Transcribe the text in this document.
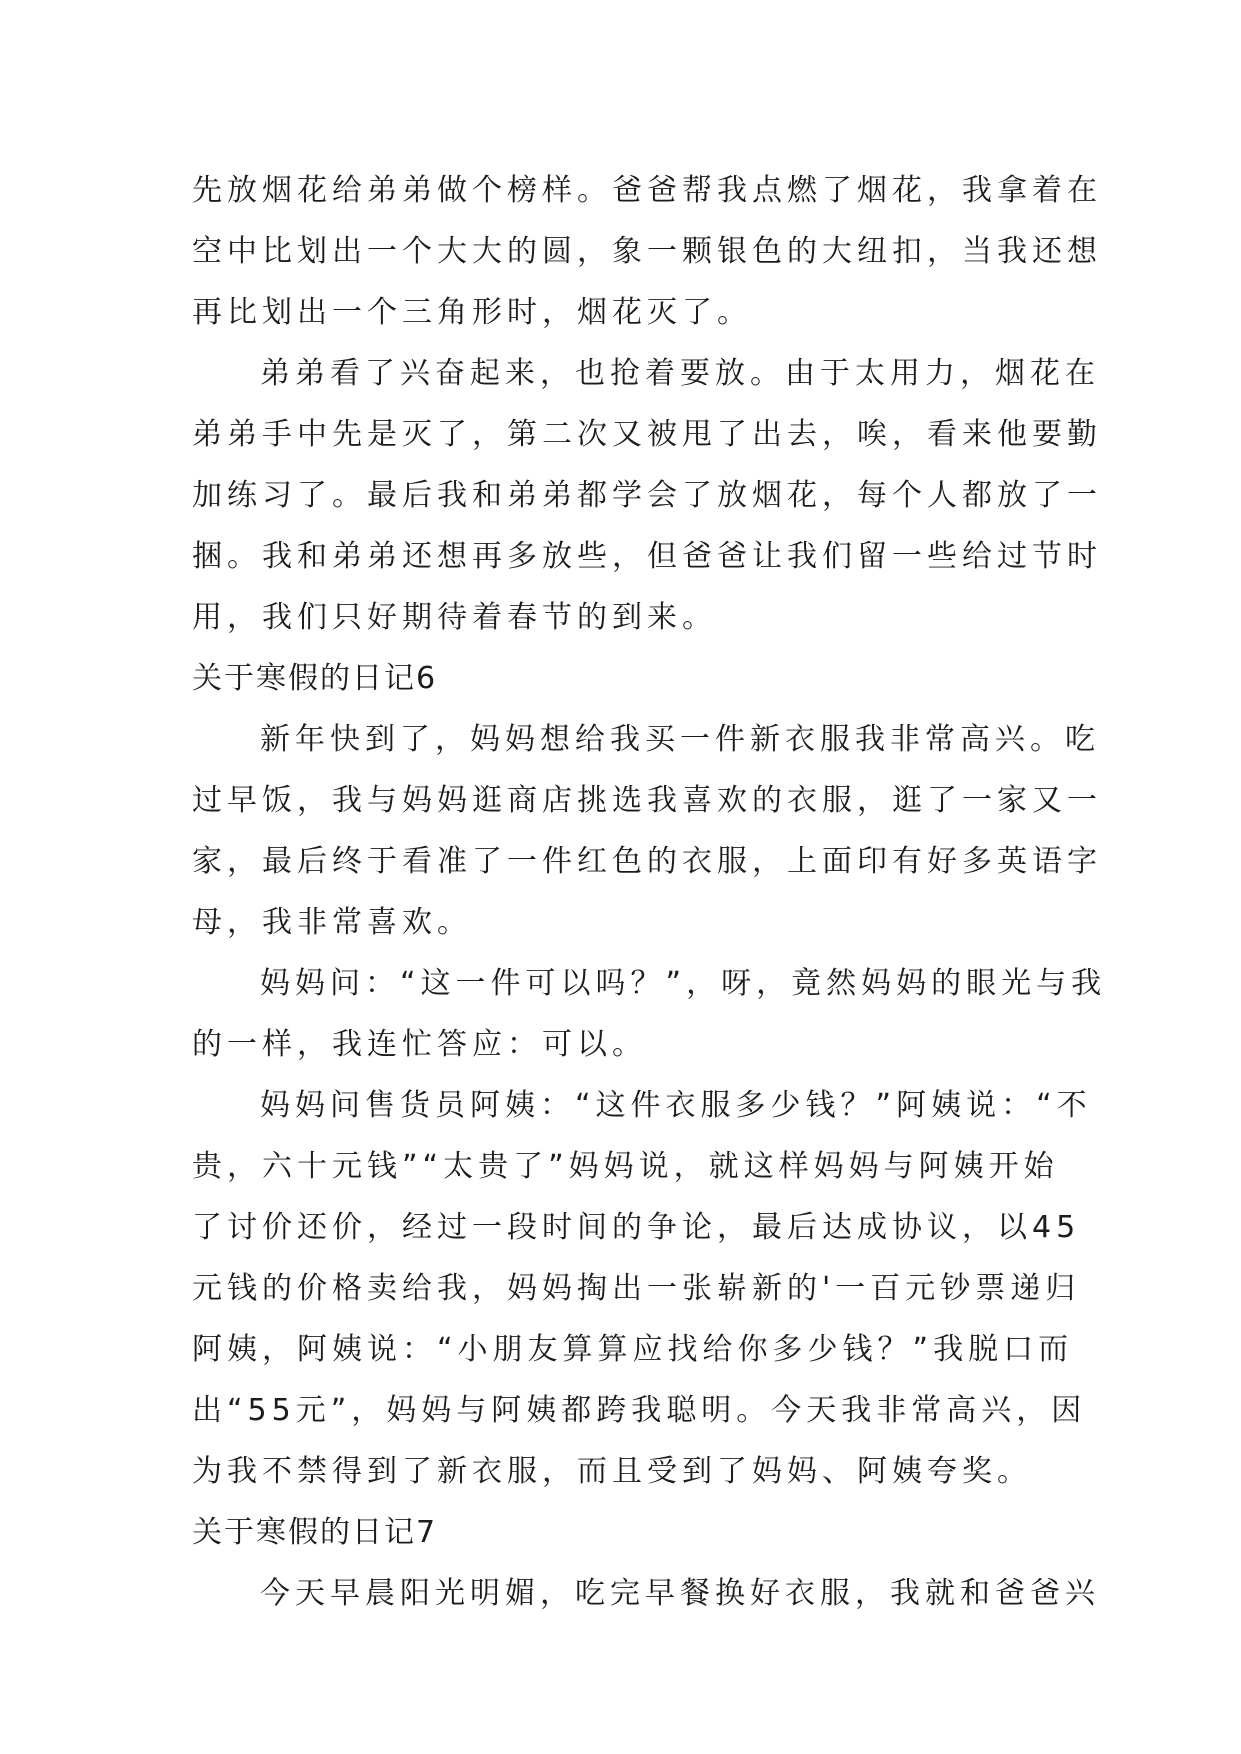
先放烟花给弟弟做个榜样。爸爸帮我点燃了烟花，我拿着在
空中比划出一个大大的圆，象一颗银色的大纽扣，当我还想
再比划出一个三角形时，烟花灭了。
弟弟看了兴奋起来，也抢着要放。由于太用力，烟花在
弟弟手中先是灭了，第二次又被甩了出去，唉，看来他要勤
加练习了。最后我和弟弟都学会了放烟花，每个人都放了一
捆。我和弟弟还想再多放些，但爸爸让我们留一些给过节时
用，我们只好期待着春节的到来。
关于寒假的日记6
新年快到了，妈妈想给我买一件新衣服我非常高兴。吃
过早饭，我与妈妈逛商店挑选我喜欢的衣服，逛了一家又一
家，最后终于看准了一件红色的衣服，上面印有好多英语字
母，我非常喜欢。
妈妈问：“这一件可以吗？”，呀，竟然妈妈的眼光与我
的一样，我连忙答应：可以。
妈妈问售货员阿姨：“这件衣服多少钱？”阿姨说：“不
贵，六十元钱”“太贵了”妈妈说，就这样妈妈与阿姨开始
了讨价还价，经过一段时间的争论，最后达成协议，以45
元钱的价格卖给我，妈妈掏出一张崭新的'一百元钞票递归
阿姨，阿姨说：“小朋友算算应找给你多少钱？”我脱口而
出“55元”，妈妈与阿姨都跨我聪明。今天我非常高兴，因
为我不禁得到了新衣服，而且受到了妈妈、阿姨夸奖。
关于寒假的日记7
今天早晨阳光明媚，吃完早餐换好衣服，我就和爸爸兴
